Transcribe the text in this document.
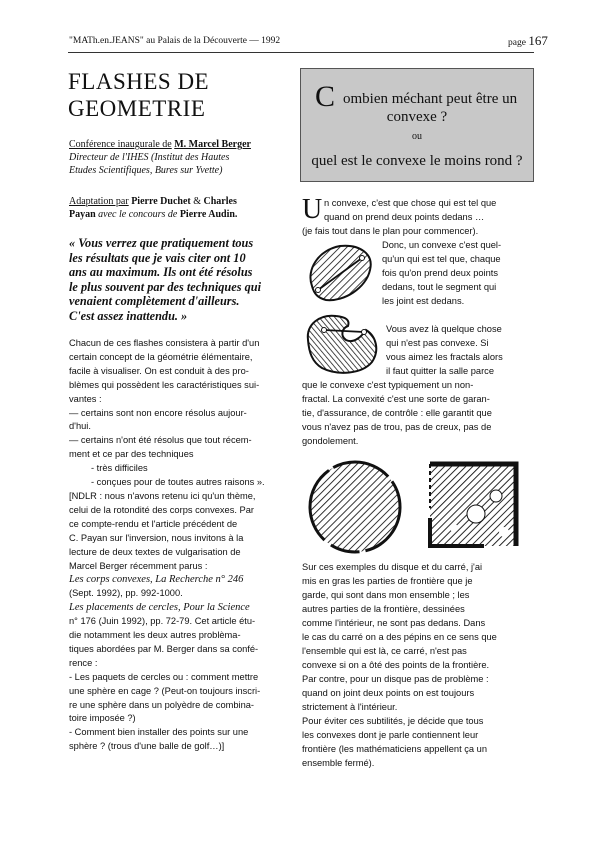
"MATh.en.JEANS" au Palais de la Découverte — 1992	page 167
FLASHES DE
GEOMETRIE
Conférence inaugurale de M. Marcel Berger
Directeur de l'IHES (Institut des Hautes
Etudes Scientifiques, Bures sur Yvette)
Adaptation par Pierre Duchet & Charles
Payan avec le concours de Pierre Audin.
« Vous verrez que pratiquement tous
les résultats que je vais citer ont 10
ans au maximum. Ils ont été résolus
le plus souvent par des techniques qui
venaient complètement d'ailleurs.
C'est assez inattendu. »

Chacun de ces flashes consistera à partir d'un

certain concept de la géométrie élémentaire,

facile à visualiser. On est conduit à des pro-

blèmes qui possèdent les caractéristiques sui-

vantes :

— certains sont non encore résolus aujour-

d'hui.

— certains n'ont été résolus que tout récem-

ment et ce par des techniques

- très difficiles

- conçues pour de toutes autres raisons ».

[NDLR : nous n'avons retenu ici qu'un thème,

celui de la rotondité des corps convexes. Par

ce compte-rendu et l'article précédent de

C. Payan sur l'inversion, nous invitons à la

lecture de deux textes de vulgarisation de

Marcel Berger récemment parus :

Les corps convexes, La Recherche n° 246

(Sept. 1992), pp. 992-1000.

Les placements de cercles, Pour la Science

n° 176 (Juin 1992), pp. 72-79. Cet article étu-

die notamment les deux autres problèma-

tiques abordées par M. Berger dans sa confé-

rence :

- Les paquets de cercles ou : comment mettre

une sphère en cage ? (Peut-on toujours inscri-

re une sphère dans un polyèdre de combina-

toire imposée ?)

- Comment bien installer des points sur une

sphère ? (trous d'une balle de golf…)]

C ombien méchant peut être un
convexe ?
ou
quel est le convexe le moins rond ?
U n convexe, c'est que chose qui est tel que

quand on prend deux points dedans …

(je fais tout dans le plan pour commencer).

Donc, un convexe c'est quel-

qu'un qui est tel que, chaque

fois qu'on prend deux points

dedans, tout le segment qui

les joint est dedans.

Vous avez là quelque chose

qui n'est pas convexe. Si

vous aimez les fractals alors

il faut quitter la salle parce

que le convexe c'est typiquement un non-

fractal. La convexité c'est une sorte de garan-

tie, d'assurance, de contrôle : elle garantit que

vous n'avez pas de trou, pas de creux, pas de

gondolement.

Sur ces exemples du disque et du carré, j'ai

mis en gras les parties de frontière que je

garde, qui sont dans mon ensemble ; les

autres parties de la frontière, dessinées

comme l'intérieur, ne sont pas dedans. Dans

le cas du carré on a des pépins en ce sens que

l'ensemble qui est là, ce carré, n'est pas

convexe si on a ôté des points de la frontière.

Par contre, pour un disque pas de problème :

quand on joint deux points on est toujours

strictement à l'intérieur.

Pour éviter ces subtilités, je décide que tous

les convexes dont je parle contiennent leur

frontière (les mathématiciens appellent ça un

ensemble fermé).
